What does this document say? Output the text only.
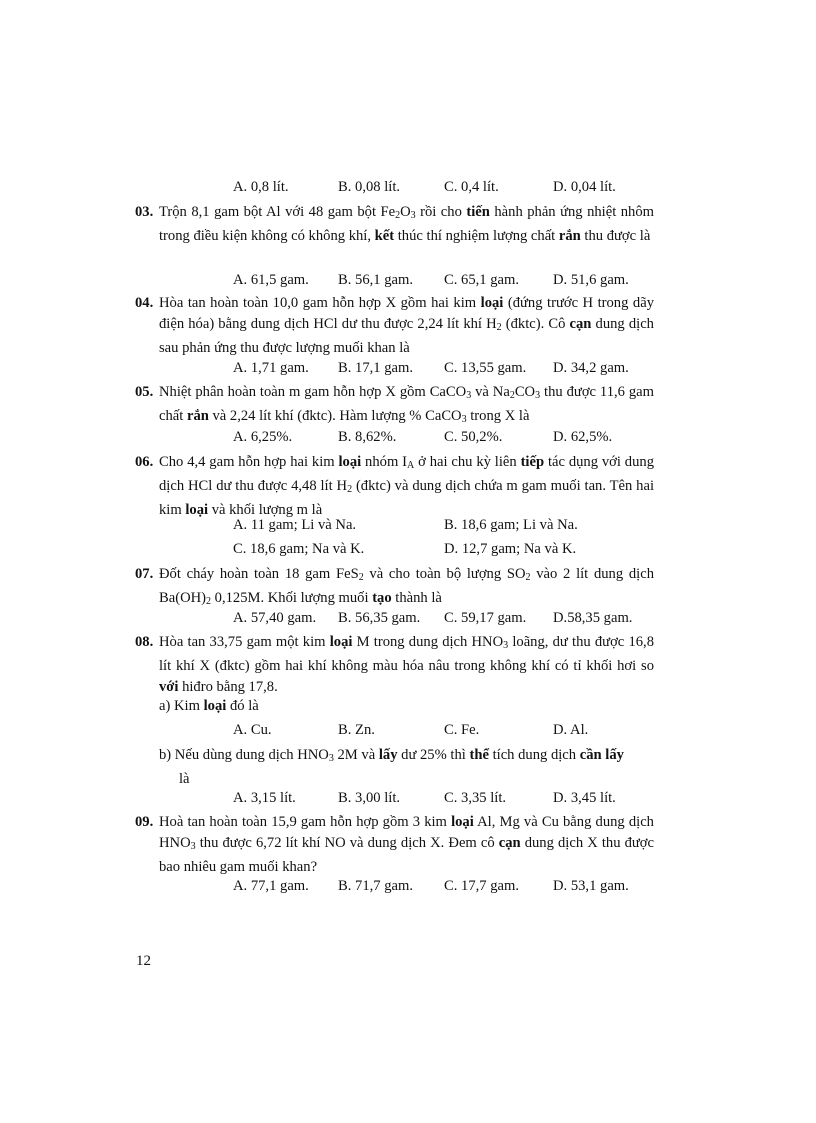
A. 0,8 lít.	B. 0,08 lít.	C. 0,4 lít.	D. 0,04 lít.
03. Trộn 8,1 gam bột Al với 48 gam bột $Fe_2O_3$ rồi cho tiến hành phản ứng nhiệt nhôm trong điều kiện không có không khí, kết thúc thí nghiệm lượng chất rắn thu được là
A. 61,5 gam. B. 56,1 gam. C. 65,1 gam. D. 51,6 gam.
04. Hòa tan hoàn toàn 10,0 gam hỗn hợp X gồm hai kim loại (đứng trước H trong dãy điện hóa) bằng dung dịch HCl dư thu được 2,24 lít khí $H_2$ (đktc). Cô cạn dung dịch sau phản ứng thu được lượng muối khan là
A. 1,71 gam. B. 17,1 gam. C. 13,55 gam. D. 34,2 gam.
05. Nhiệt phân hoàn toàn m gam hỗn hợp X gồm CaCO$_3$ và $Na_2CO_3$ thu được 11,6 gam chất rắn và 2,24 lít khí (đktc). Hàm lượng % CaCO$_3$ trong X là
A. 6,25%.	B. 8,62%.	C. 50,2%.	D. 62,5%.
06. Cho 4,4 gam hỗn hợp hai kim loại nhóm $I_A$ ở hai chu kỳ liên tiếp tác dụng với dung dịch HCl dư thu được 4,48 lít $H_2$ (đktc) và dung dịch chứa m gam muối tan. Tên hai kim loại và khối lượng m là
A. 11 gam; Li và Na.	B. 18,6 gam; Li và Na.
C. 18,6 gam; Na và K.	D. 12,7 gam; Na và K.
07. Đốt cháy hoàn toàn 18 gam FeS$_2$ và cho toàn bộ lượng $SO_2$ vào 2 lít dung dịch $Ba(OH)_2$ 0,125M. Khối lượng muối tạo thành là
A. 57,40 gam. B. 56,35 gam. C. 59,17 gam. D.58,35 gam.
08. Hòa tan 33,75 gam một kim loại M trong dung dịch $HNO_3$ loãng, dư thu được 16,8 lít khí X (đktc) gồm hai khí không màu hóa nâu trong không khí có tỉ khối hơi so với hiđro bằng 17,8.
a) Kim loại đó là
A. Cu.	B. Zn.	C. Fe.	D. Al.
b) Nếu dùng dung dịch $HNO_3$ 2M và lấy dư 25% thì thể tích dung dịch cần lấy
là
A. 3,15 lít.	B. 3,00 lít.	C. 3,35 lít.	D. 3,45 lít.
09. Hoà tan hoàn toàn 15,9 gam hỗn hợp gồm 3 kim loại Al, Mg và Cu bằng dung dịch $HNO_3$ thu được 6,72 lít khí NO và dung dịch X. Đem cô cạn dung dịch X thu được bao nhiêu gam muối khan?
A. 77,1 gam. B. 71,7 gam. C. 17,7 gam. D. 53,1 gam.
12
